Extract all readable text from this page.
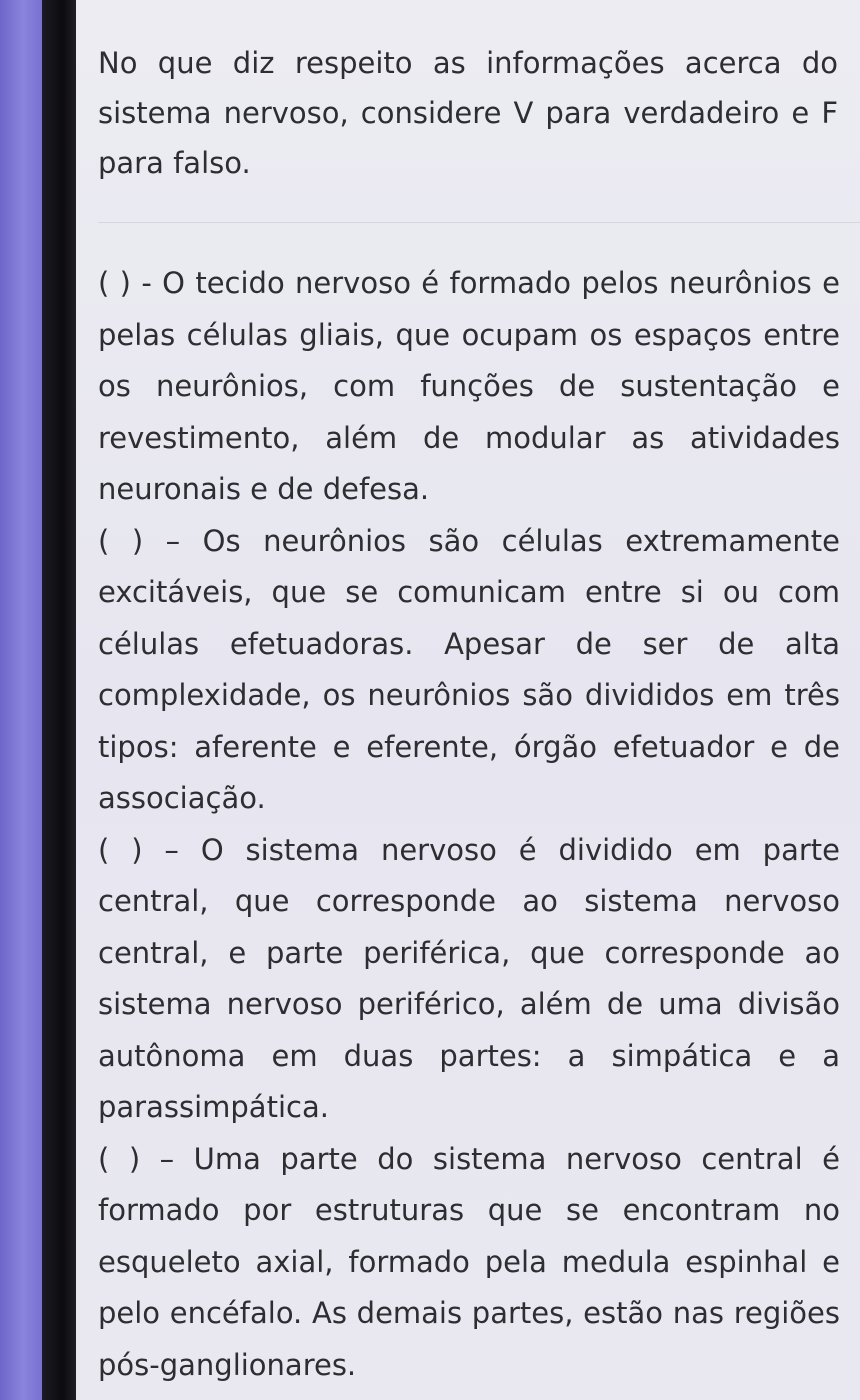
No que diz respeito as informações acerca do sistema nervoso, considere V para verdadeiro e F para falso.

( ) - O tecido nervoso é formado pelos neurônios e pelas células gliais, que ocupam os espaços entre os neurônios, com funções de sustentação e revestimento, além de modular as atividades neuronais e de defesa.
( ) – Os neurônios são células extremamente excitáveis, que se comunicam entre si ou com células efetuadoras. Apesar de ser de alta complexidade, os neurônios são divididos em três tipos: aferente e eferente, órgão efetuador e de associação.
( ) – O sistema nervoso é dividido em parte central, que corresponde ao sistema nervoso central, e parte periférica, que corresponde ao sistema nervoso periférico, além de uma divisão autônoma em duas partes: a simpática e a parassimpática.
( ) – Uma parte do sistema nervoso central é formado por estruturas que se encontram no esqueleto axial, formado pela medula espinhal e pelo encéfalo. As demais partes, estão nas regiões pós-ganglionares.
